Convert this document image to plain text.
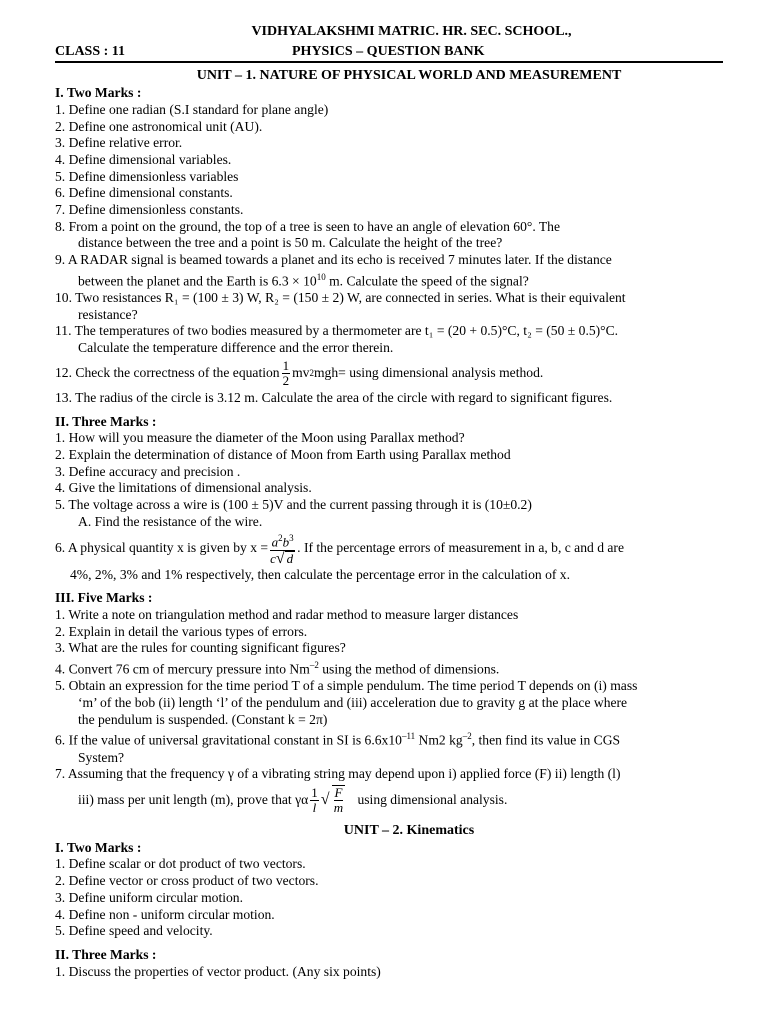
VIDHYALAKSHMI MATRIC. HR. SEC. SCHOOL.,
CLASS : 11	PHYSICS – QUESTION BANK
UNIT – 1. NATURE OF PHYSICAL WORLD AND MEASUREMENT
I. Two Marks :
1. Define one radian (S.I standard for plane angle)
2. Define one astronomical unit (AU).
3. Define relative error.
4. Define dimensional variables.
5. Define dimensionless variables
6. Define dimensional constants.
7. Define dimensionless constants.
8. From a point on the ground, the top of a tree is seen to have an angle of elevation 60°. The
distance between the tree and a point is 50 m. Calculate the height of the tree?
9. A RADAR signal is beamed towards a planet and its echo is received 7 minutes later. If the distance
between the planet and the Earth is $6.3 \times 10^{10}$ m. Calculate the speed of the signal?
10. Two resistances R₁ = (100 ± 3) W, R₂ = (150 ± 2) W, are connected in series. What is their equivalent
resistance?
11. The temperatures of two bodies measured by a thermometer are t₁ = (20 + 0.5)°C, t₂ = (50 ± 0.5)°C.
Calculate the temperature difference and the error therein.
12. Check the correctness of the equation $\frac{1}{2}$ mv 2 mgh= using dimensional analysis method.
13. The radius of the circle is 3.12 m. Calculate the area of the circle with regard to significant figures.
II. Three Marks :
1. How will you measure the diameter of the Moon using Parallax method?
2. Explain the determination of distance of Moon from Earth using Parallax method
3. Define accuracy and precision .
4. Give the limitations of dimensional analysis.
5. The voltage across a wire is (100 ± 5)V and the current passing through it is (10±0.2)
A. Find the resistance of the wire.
6. A physical quantity x is given by $x = \frac{a^2b^3}{c√ d}$ . If the percentage errors of measurement in a, b, c and d are
4%, 2%, 3% and 1% respectively, then calculate the percentage error in the calculation of x.
III. Five Marks :
1. Write a note on triangulation method and radar method to measure larger distances
2. Explain in detail the various types of errors.
3. What are the rules for counting significant figures?
4. Convert 76 cm of mercury pressure into $Nm^{-2}$ using the method of dimensions.
5. Obtain an expression for the time period T of a simple pendulum. The time period T depends on (i) mass
‘m’ of the bob (ii) length ‘l’ of the pendulum and (iii) acceleration due to gravity g at the place where
the pendulum is suspended. (Constant k = 2π)
6. If the value of universal gravitational constant in SI is $6.6x10^{-11}$ Nm2 $kg^{-2}$, then find its value in CGS
System?
7. Assuming that the frequency γ of a vibrating string may depend upon i) applied force (F) ii) length (l)
iii) mass per unit length (m), prove that γα $\frac{1}{l}$ √ $\frac{F}{m}$ using dimensional analysis.
UNIT – 2. Kinematics
I. Two Marks :
1. Define scalar or dot product of two vectors.
2. Define vector or cross product of two vectors.
3. Define uniform circular motion.
4. Define non - uniform circular motion.
5. Define speed and velocity.
II. Three Marks :
1. Discuss the properties of vector product. (Any six points)
